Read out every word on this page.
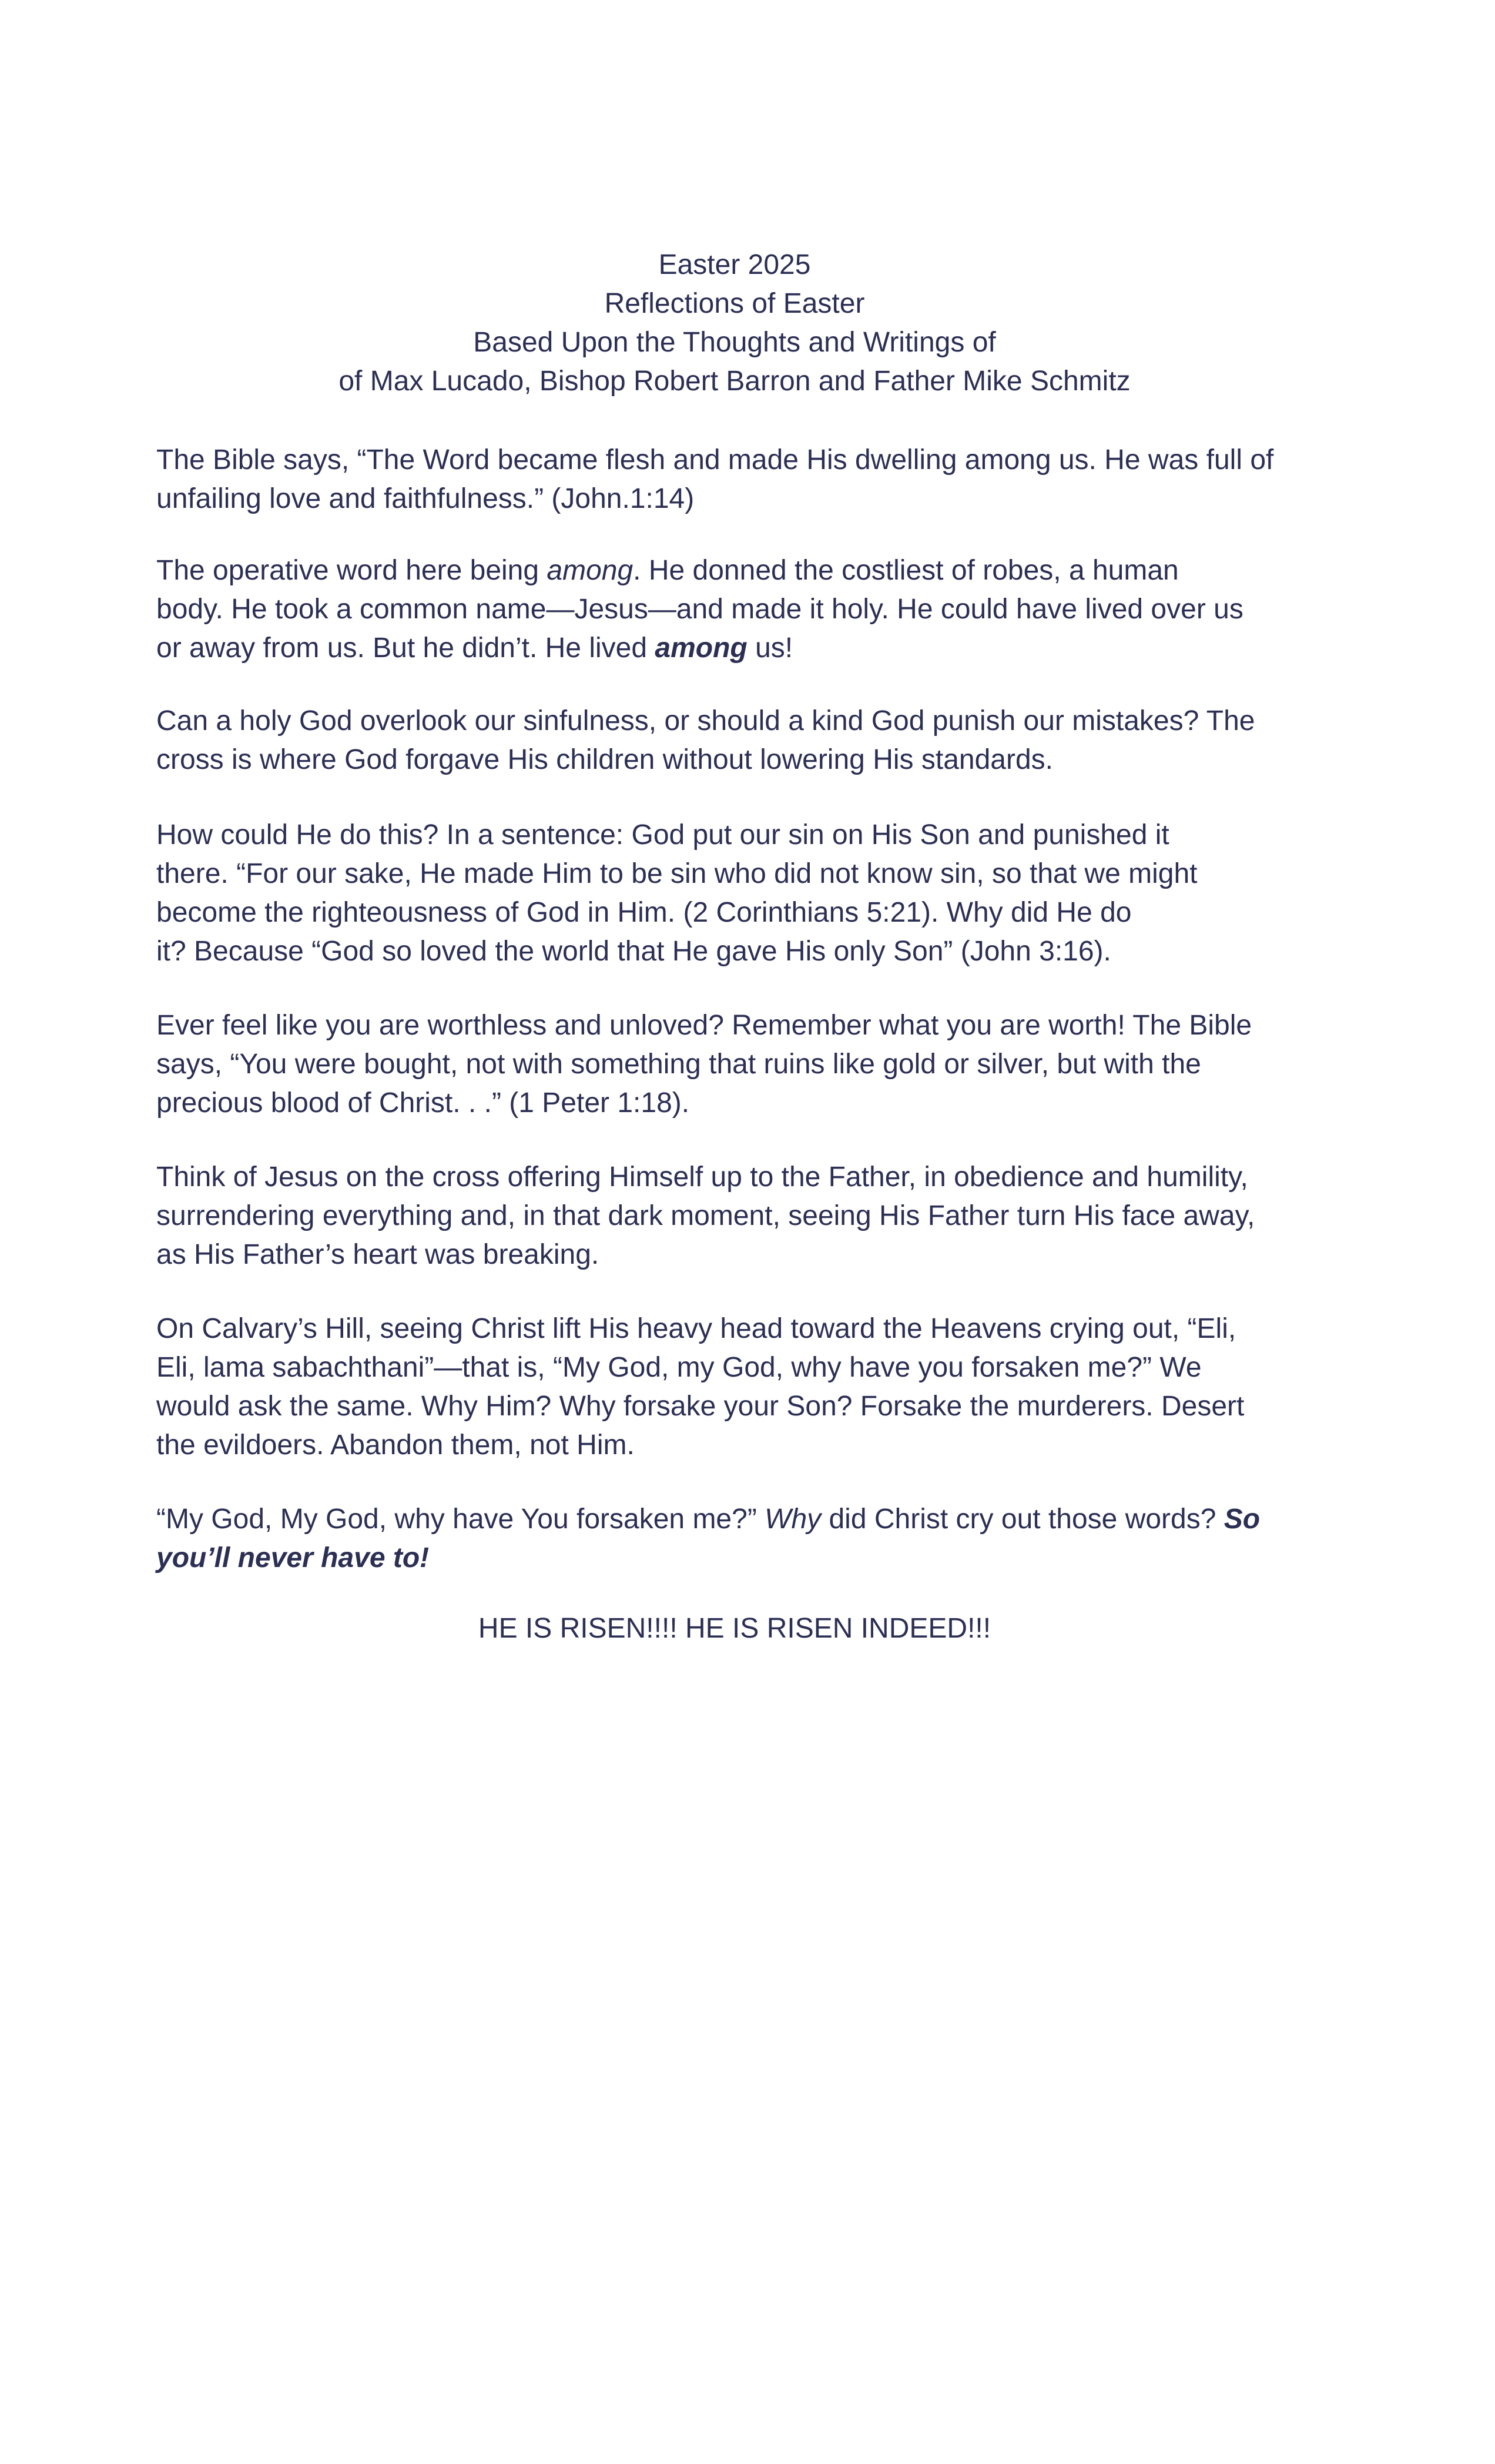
Easter 2025
Reflections of Easter
Based Upon the Thoughts and Writings of
of Max Lucado, Bishop Robert Barron and Father Mike Schmitz
The Bible says, “The Word became flesh and made His dwelling among us. He was full of
unfailing love and faithfulness.” (John.1:14)
The operative word here being among. He donned the costliest of robes, a human
body. He took a common name—Jesus—and made it holy. He could have lived over us
or away from us. But he didn’t. He lived among us!
Can a holy God overlook our sinfulness, or should a kind God punish our mistakes? The
cross is where God forgave His children without lowering His standards.
How could He do this? In a sentence: God put our sin on His Son and punished it
there. “For our sake, He made Him to be sin who did not know sin, so that we might
become the righteousness of God in Him. (2 Corinthians 5:21). Why did He do
it? Because “God so loved the world that He gave His only Son” (John 3:16).
Ever feel like you are worthless and unloved? Remember what you are worth! The Bible
says, “You were bought, not with something that ruins like gold or silver, but with the
precious blood of Christ. . .” (1 Peter 1:18).
Think of Jesus on the cross offering Himself up to the Father, in obedience and humility,
surrendering everything and, in that dark moment, seeing His Father turn His face away,
as His Father’s heart was breaking.
On Calvary’s Hill, seeing Christ lift His heavy head toward the Heavens crying out, “Eli,
Eli, lama sabachthani”—that is, “My God, my God, why have you forsaken me?” We
would ask the same. Why Him? Why forsake your Son? Forsake the murderers. Desert
the evildoers. Abandon them, not Him.
“My God, My God, why have You forsaken me?” Why did Christ cry out those words? So
you’ll never have to!
HE IS RISEN!!!! HE IS RISEN INDEED!!!
